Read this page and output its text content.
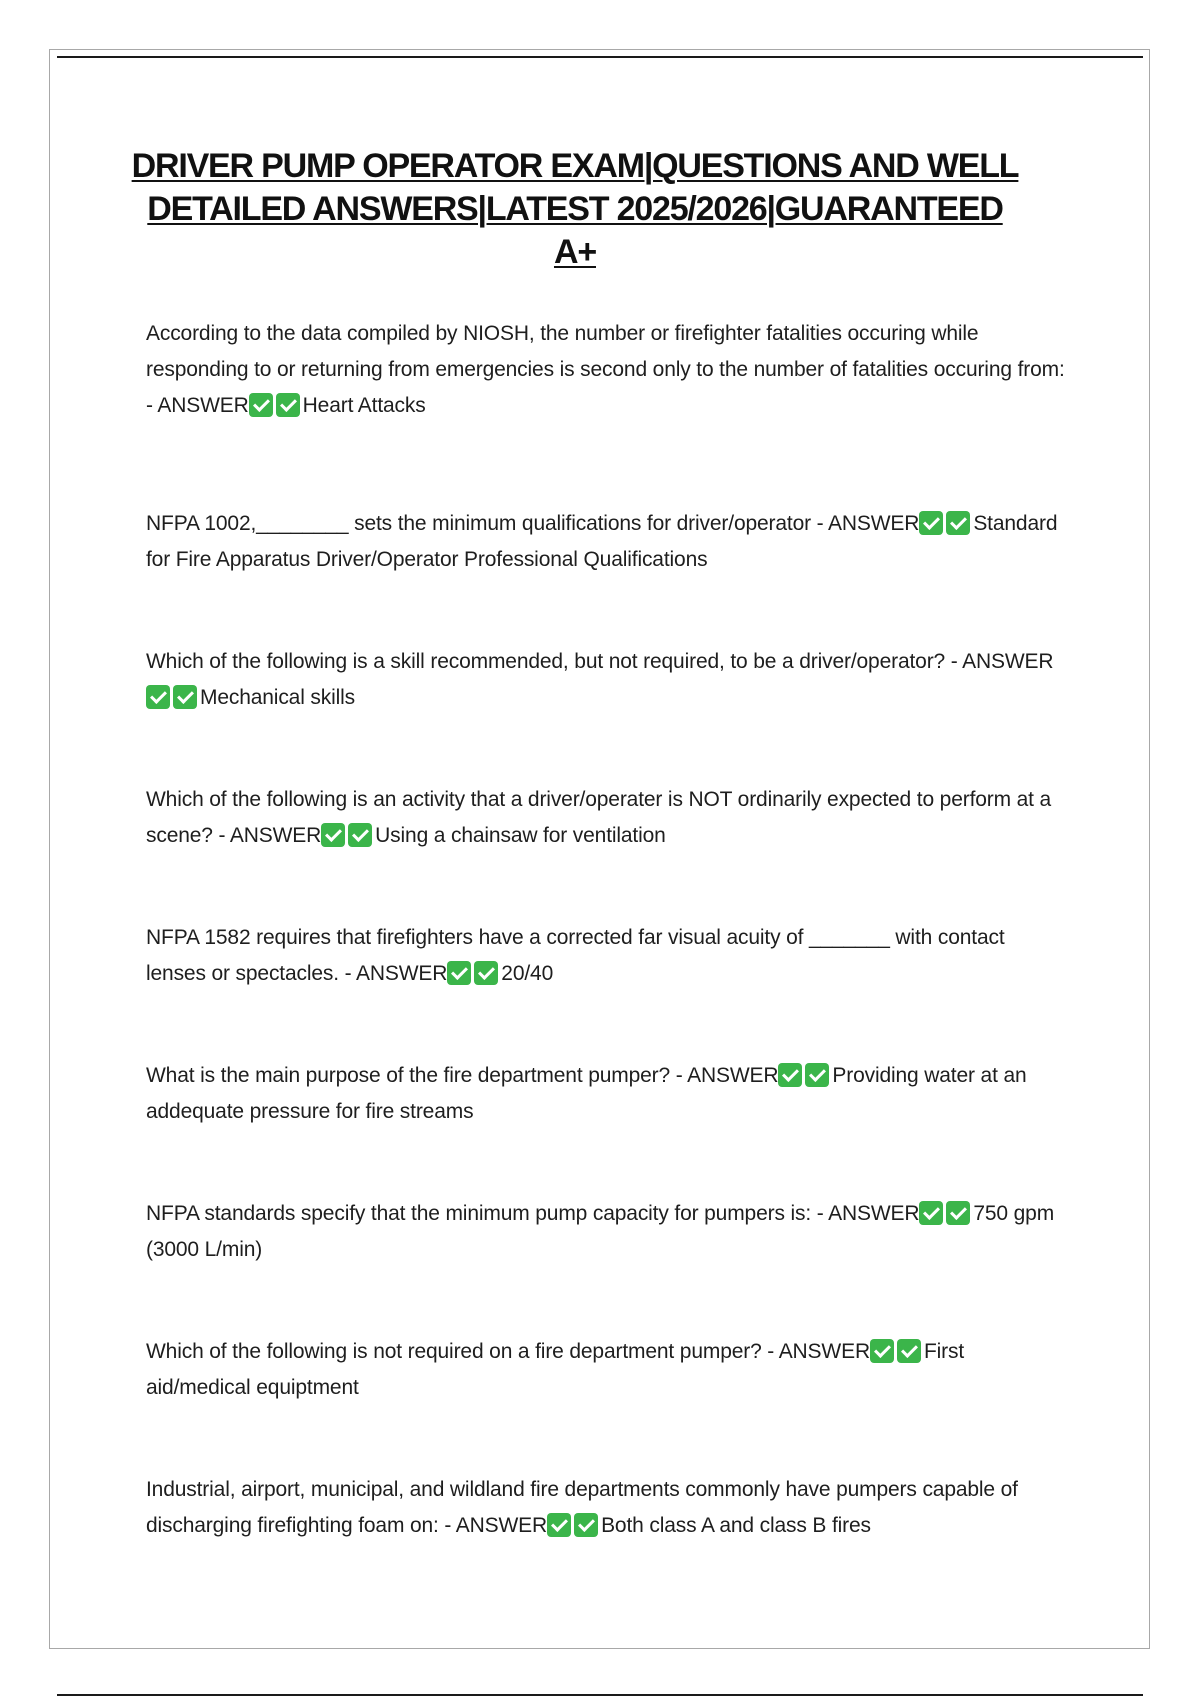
DRIVER PUMP OPERATOR EXAM|QUESTIONS AND WELL DETAILED ANSWERS|LATEST 2025/2026|GUARANTEED A+

According to the data compiled by NIOSH, the number or firefighter fatalities occuring while responding to or returning from emergencies is second only to the number of fatalities occuring from: - ANSWER	Heart Attacks

NFPA 1002,________ sets the minimum qualifications for driver/operator - ANSWER	Standard for Fire Apparatus Driver/Operator Professional Qualifications

Which of the following is a skill recommended, but not required, to be a driver/operator? - ANSWERMechanical skills

Which of the following is an activity that a driver/operater is NOT ordinarily expected to perform at a scene? - ANSWER	Using a chainsaw for ventilation

NFPA 1582 requires that firefighters have a corrected far visual acuity of _______ with contact lenses or spectacles. - ANSWER	20/40

What is the main purpose of the fire department pumper? - ANSWER	Providing water at an addequate pressure for fire streams

NFPA standards specify that the minimum pump capacity for pumpers is: - ANSWER	750 gpm (3000 L/min)

Which of the following is not required on a fire department pumper? - ANSWER	First aid/medical equiptment

Industrial, airport, municipal, and wildland fire departments commonly have pumpers capable of discharging firefighting foam on: - ANSWER	Both class A and class B fires
